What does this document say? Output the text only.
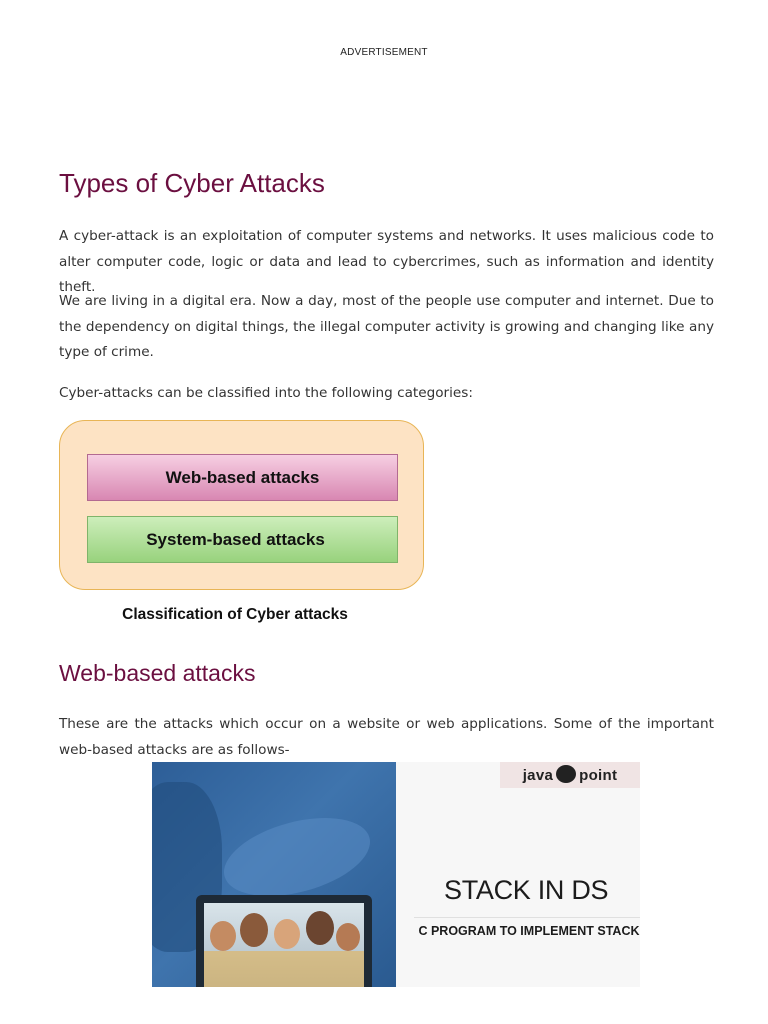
ADVERTISEMENT
Types of Cyber Attacks

A cyber-attack is an exploitation of computer systems and networks. It uses malicious code to alter computer code, logic or data and lead to cybercrimes, such as information and identity theft.

We are living in a digital era. Now a day, most of the people use computer and internet. Due to the dependency on digital things, the illegal computer activity is growing and changing like any type of crime.

Cyber-attacks can be classified into the following categories:

Web-based attacks
System-based attacks
Classification of Cyber attacks
Web-based attacks

These are the attacks which occur on a website or web applications. Some of the important web-based attacks are as follows-

java point
STACK IN DS
C PROGRAM TO IMPLEMENT STACK
